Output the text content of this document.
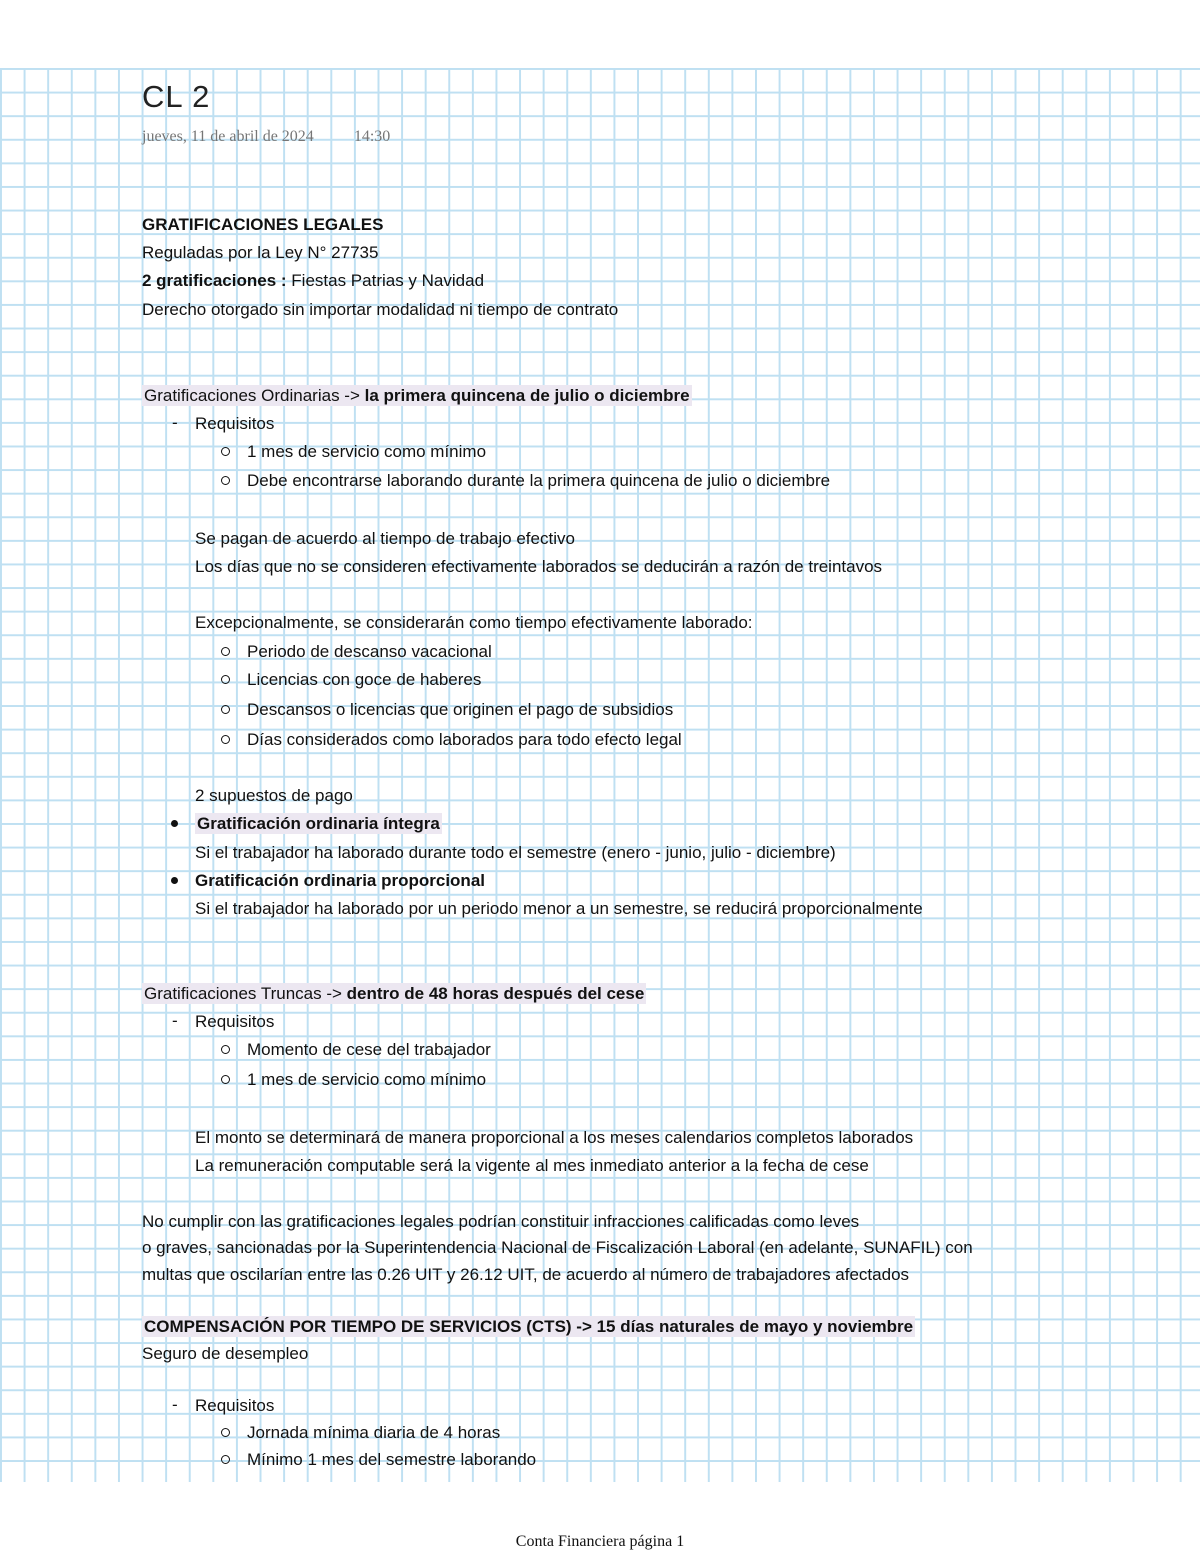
CL 2
jueves, 11 de abril de 2024	14:30
GRATIFICACIONES LEGALES
Reguladas por la Ley N° 27735
2 gratificaciones : Fiestas Patrias y Navidad
Derecho otorgado sin importar modalidad ni tiempo de contrato
Gratificaciones Ordinarias -> la primera quincena de julio o diciembre
- Requisitos
1 mes de servicio como mínimo
Debe encontrarse laborando durante la primera quincena de julio o diciembre
Se pagan de acuerdo al tiempo de trabajo efectivo
Los días que no se consideren efectivamente laborados se deducirán a razón de treintavos
Excepcionalmente, se considerarán como tiempo efectivamente laborado:
Periodo de descanso vacacional
Licencias con goce de haberes
Descansos o licencias que originen el pago de subsidios
Días considerados como laborados para todo efecto legal
2 supuestos de pago
Gratificación ordinaria íntegra
Si el trabajador ha laborado durante todo el semestre (enero - junio, julio - diciembre)
Gratificación ordinaria proporcional
Si el trabajador ha laborado por un periodo menor a un semestre, se reducirá proporcionalmente
Gratificaciones Truncas -> dentro de 48 horas después del cese
- Requisitos
Momento de cese del trabajador
1 mes de servicio como mínimo
El monto se determinará de manera proporcional a los meses calendarios completos laborados
La remuneración computable será la vigente al mes inmediato anterior a la fecha de cese
No cumplir con las gratificaciones legales podrían constituir infracciones calificadas como leves
o graves, sancionadas por la Superintendencia Nacional de Fiscalización Laboral (en adelante, SUNAFIL) con
multas que oscilarían entre las 0.26 UIT y 26.12 UIT, de acuerdo al número de trabajadores afectados
COMPENSACIÓN POR TIEMPO DE SERVICIOS (CTS) -> 15 días naturales de mayo y noviembre
Seguro de desempleo
- Requisitos
Jornada mínima diaria de 4 horas
Mínimo 1 mes del semestre laborando
Conta Financiera página 1
